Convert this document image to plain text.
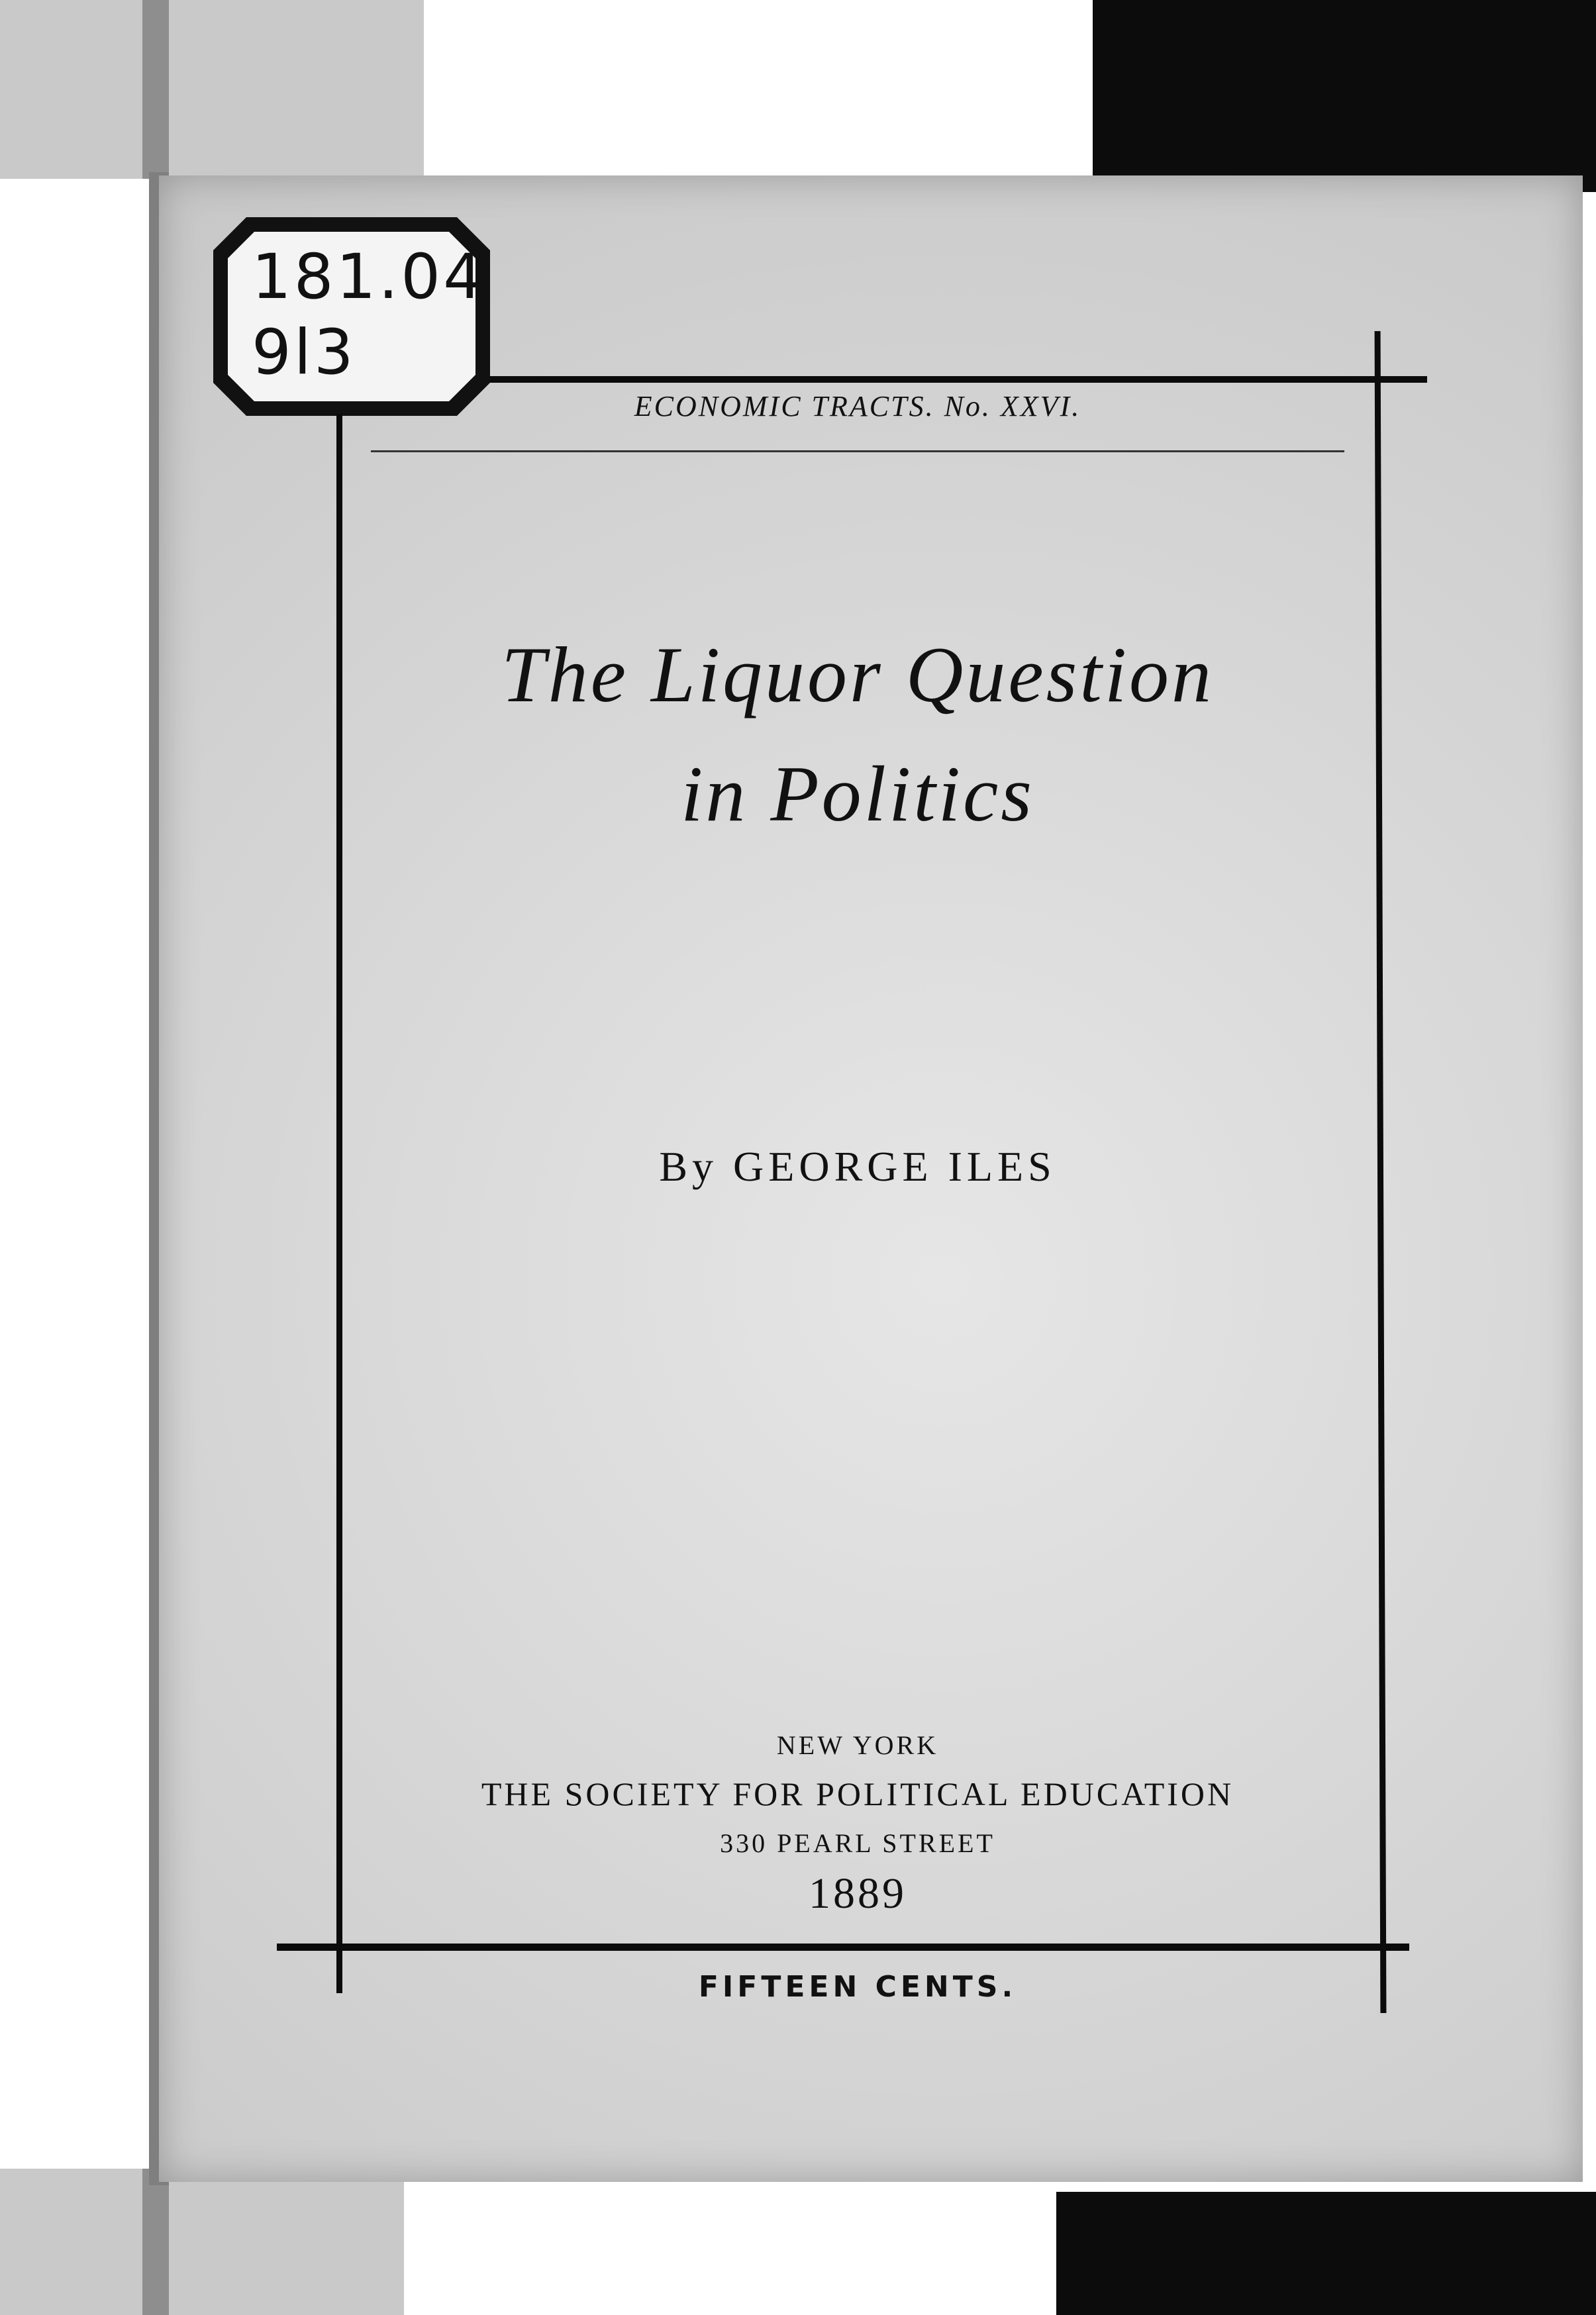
181.04
9l3
ECONOMIC TRACTS. No. XXVI.
The Liquor Question
in Politics
By GEORGE ILES
NEW YORK
THE SOCIETY FOR POLITICAL EDUCATION
330 PEARL STREET
1889
FIFTEEN CENTS.
